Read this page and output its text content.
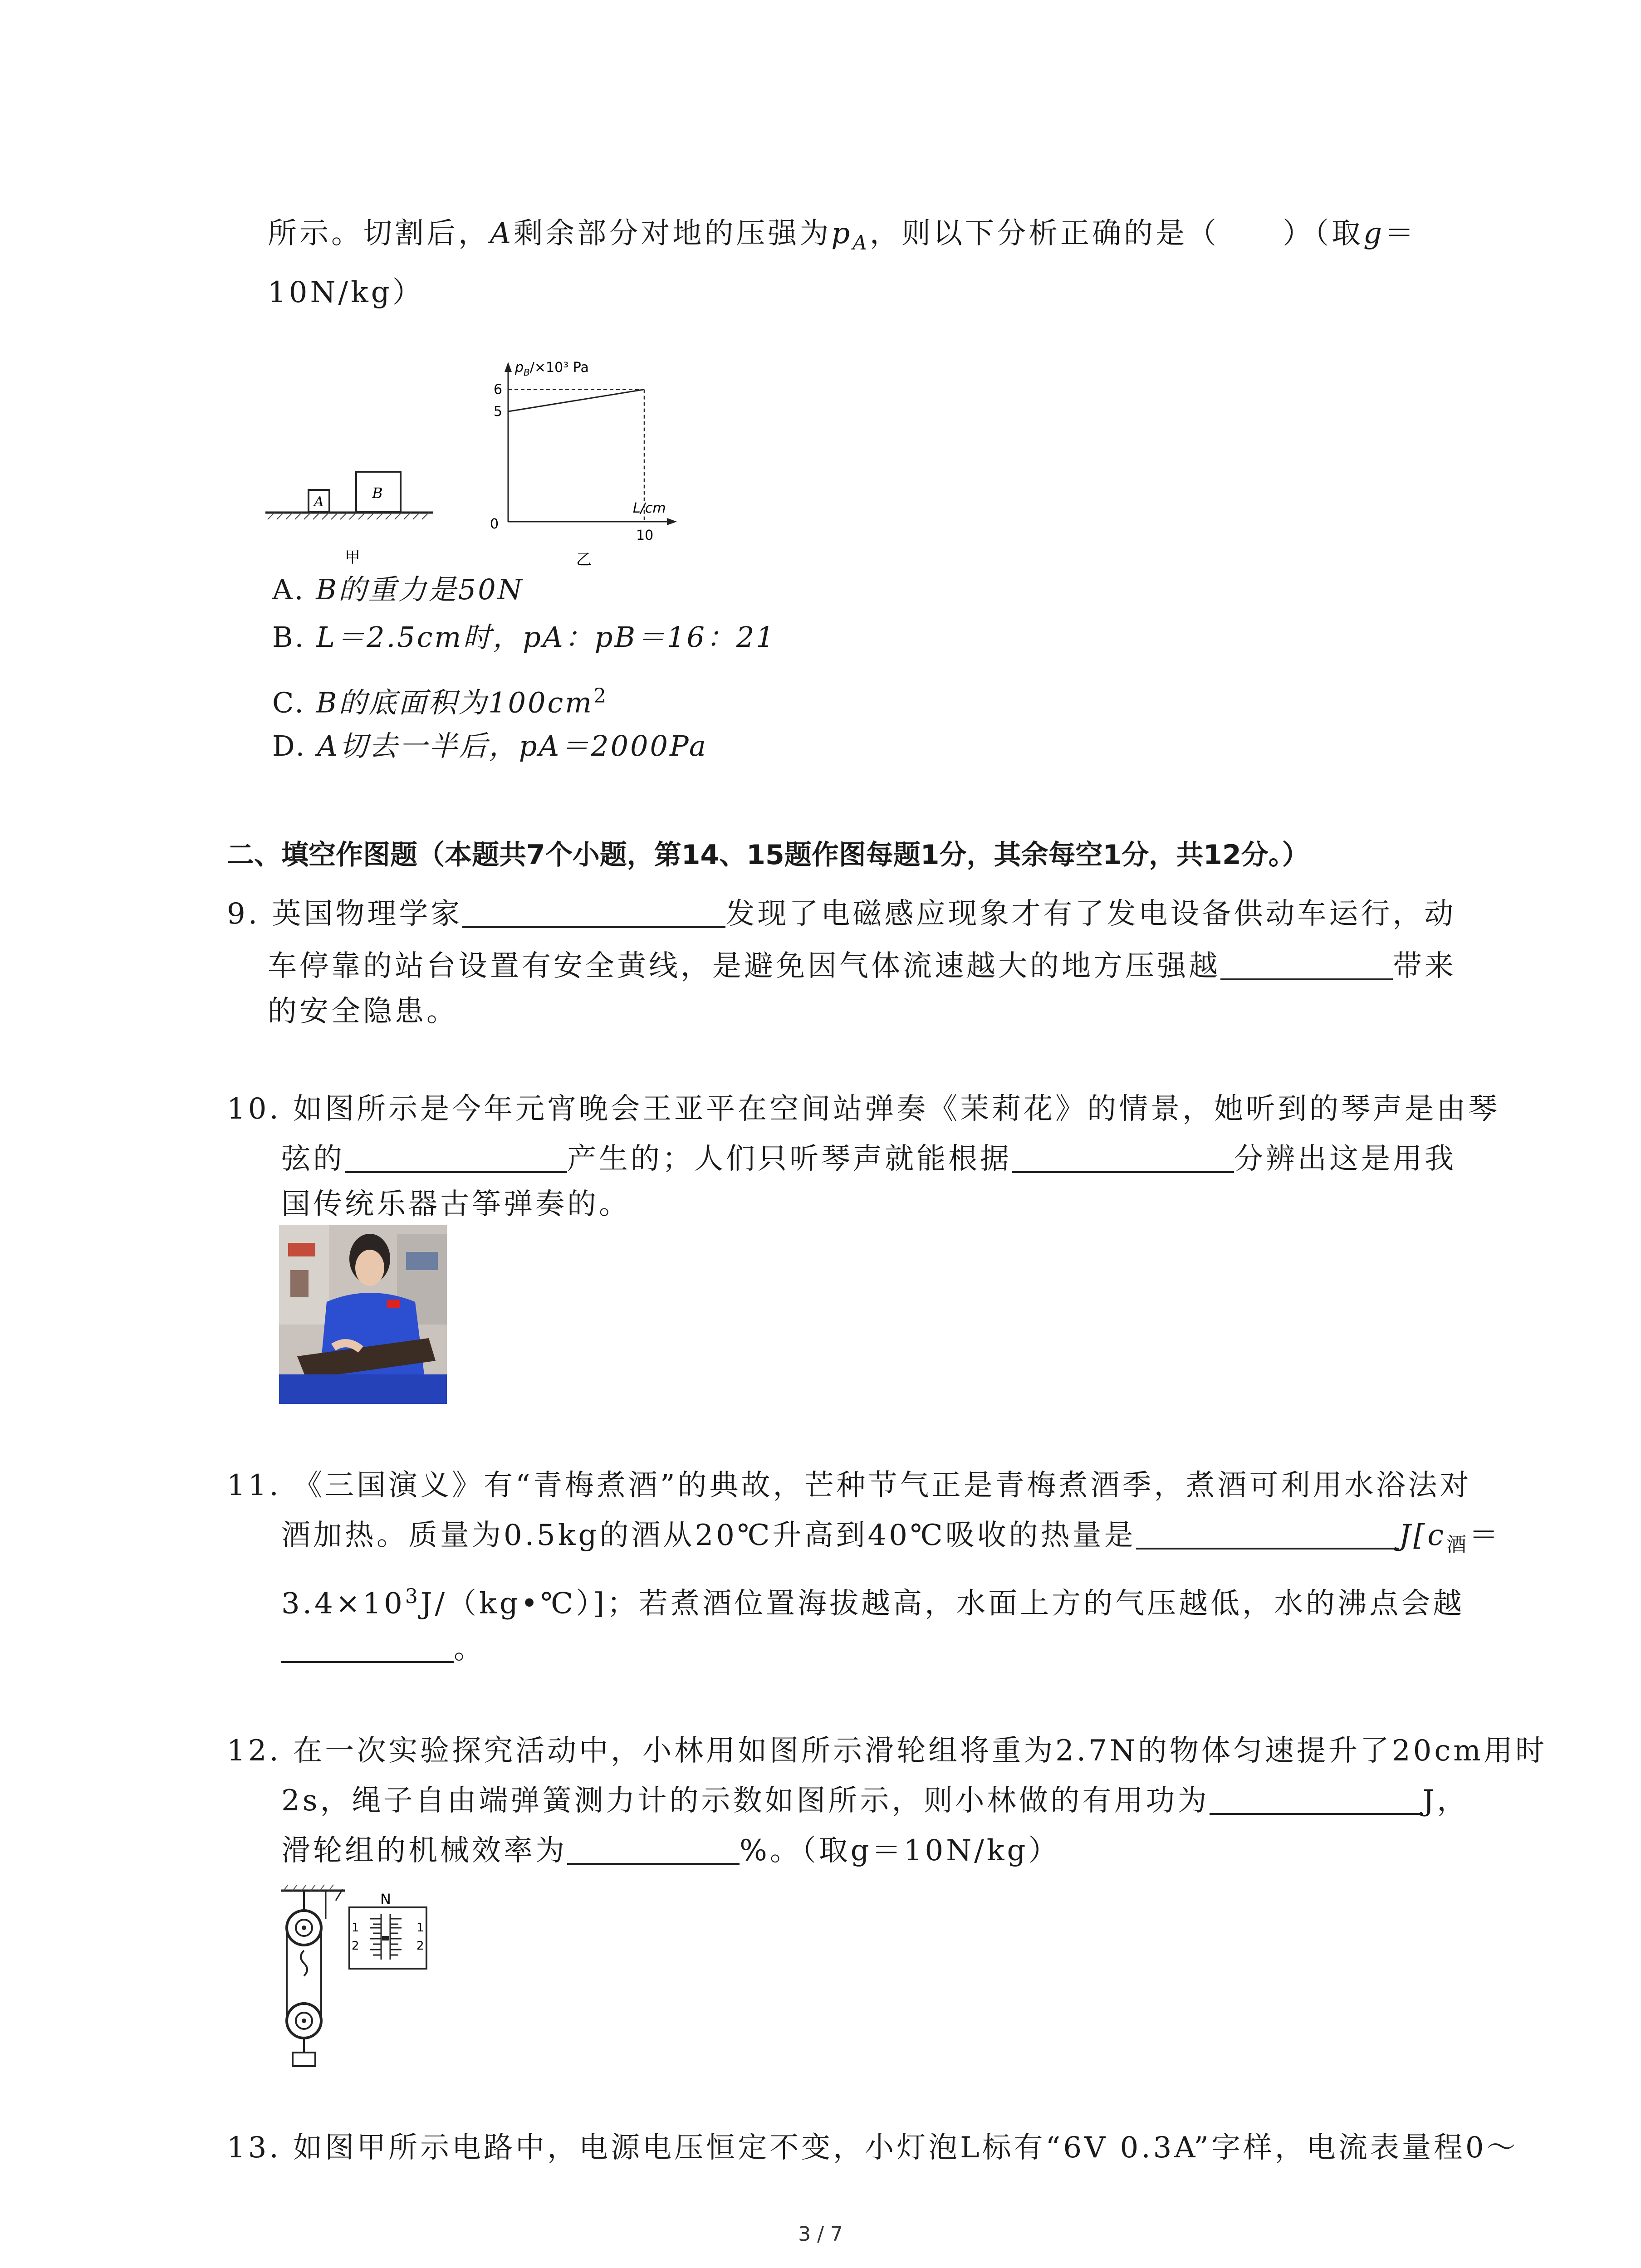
所示。切割后，A剩余部分对地的压强为$p_A$，则以下分析正确的是（　　）（取g＝
10N/kg）
A
B
甲
$p_B/\times 10^3$ Pa
L/cm
6
5
0
10
乙
A. B的重力是50N
B. L＝2.5cm时，pA：pB＝16：21
C. B的底面积为$100cm^2$
D. A切去一半后，pA＝2000Pa
二、填空作图题（本题共7个小题，第14、15题作图每题1分，其余每空1分，共12分。）
9. 英国物理学家	发现了电磁感应现象才有了发电设备供动车运行，动
车停靠的站台设置有安全黄线，是避免因气体流速越大的地方压强越	带来
的安全隐患。
10. 如图所示是今年元宵晚会王亚平在空间站弹奏《茉莉花》的情景，她听到的琴声是由琴
弦的	产生的；人们只听琴声就能根据	分辨出这是用我
国传统乐器古筝弹奏的。
11. 《三国演义》有“青梅煮酒”的典故，芒种节气正是青梅煮酒季，煮酒可利用水浴法对
酒加热。质量为0.5kg的酒从20℃升高到40℃吸收的热量是	$J[c_酒=$
$3.4\times 10^3J/(kg•℃)$]；若煮酒位置海拔越高，水面上方的气压越低，水的沸点会越
。
12. 在一次实验探究活动中，小林用如图所示滑轮组将重为2.7N的物体匀速提升了20cm用时
2s，绳子自由端弹簧测力计的示数如图所示，则小林做的有用功为	J，
滑轮组的机械效率为	%。（取g＝10N/kg）
N
1
2
1
2
13. 如图甲所示电路中，电源电压恒定不变，小灯泡L标有“6V 0.3A”字样，电流表量程0～
3 / 7
